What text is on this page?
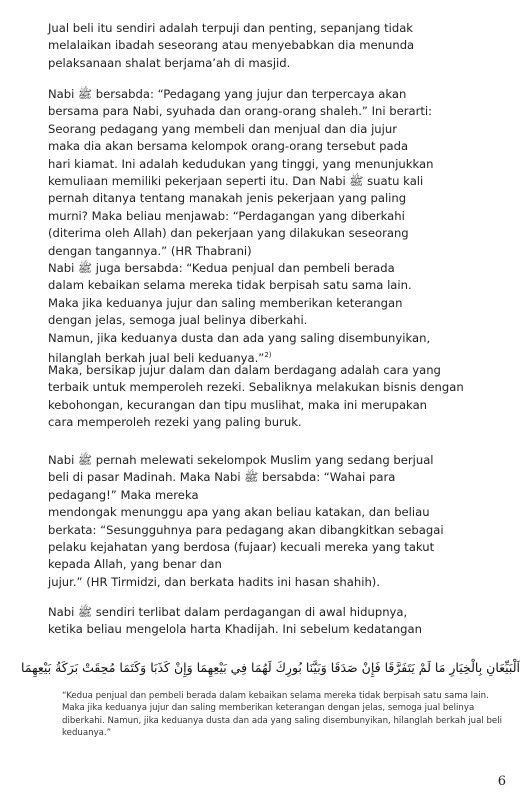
Jual beli itu sendiri adalah terpuji dan penting, sepanjang tidak
melalaikan ibadah seseorang atau menyebabkan dia menunda
pelaksanaan shalat berjama’ah di masjid.
Nabi ﷺ bersabda: “Pedagang yang jujur dan terpercaya akan
bersama para Nabi, syuhada dan orang-orang shaleh.” Ini berarti:
Seorang pedagang yang membeli dan menjual dan dia jujur
maka dia akan bersama kelompok orang-orang tersebut pada
hari kiamat. Ini adalah kedudukan yang tinggi, yang menunjukkan
kemuliaan memiliki pekerjaan seperti itu. Dan Nabi ﷺ suatu kali
pernah ditanya tentang manakah jenis pekerjaan yang paling
murni? Maka beliau menjawab: “Perdagangan yang diberkahi
(diterima oleh Allah) dan pekerjaan yang dilakukan seseorang
dengan tangannya.” (HR Thabrani)
Nabi ﷺ juga bersabda: “Kedua penjual dan pembeli berada
dalam kebaikan selama mereka tidak berpisah satu sama lain.
Maka jika keduanya jujur dan saling memberikan keterangan
dengan jelas, semoga jual belinya diberkahi.
Namun, jika keduanya dusta dan ada yang saling disembunyikan,
hilanglah berkah jual beli keduanya.”$^{2)}$
Maka, bersikap jujur dalam dan dalam berdagang adalah cara yang
terbaik untuk memperoleh rezeki. Sebaliknya melakukan bisnis dengan
kebohongan, kecurangan dan tipu muslihat, maka ini merupakan
cara memperoleh rezeki yang paling buruk.
Nabi ﷺ pernah melewati sekelompok Muslim yang sedang berjual
beli di pasar Madinah. Maka Nabi ﷺ bersabda: “Wahai para
pedagang!” Maka mereka
mendongak menunggu apa yang akan beliau katakan, dan beliau
berkata: “Sesungguhnya para pedagang akan dibangkitkan sebagai
pelaku kejahatan yang berdosa (fujaar) kecuali mereka yang takut
kepada Allah, yang benar dan
jujur.” (HR Tirmidzi, dan berkata hadits ini hasan shahih).
Nabi ﷺ sendiri terlibat dalam perdagangan di awal hidupnya,
ketika beliau mengelola harta Khadijah. Ini sebelum kedatangan
اَلْبَيِّعَانِ بِالْخِيَارِ مَا لَمْ يَتَفَرَّقَا فَإِنْ صَدَقَا وَبَيَّنَا بُورِكَ لَهُمَا فِي بَيْعِهِمَا وَإِنْ كَذَبَا وَكَتَمَا مُحِقَتْ بَرَكَةُ بَيْعِهِمَا
“Kedua penjual dan pembeli berada dalam kebaikan selama mereka tidak berpisah satu sama lain. Maka jika keduanya jujur dan saling memberikan keterangan dengan jelas, semoga jual belinya diberkahi. Namun, jika keduanya dusta dan ada yang saling disembunyikan, hilanglah berkah jual beli keduanya.”
6
